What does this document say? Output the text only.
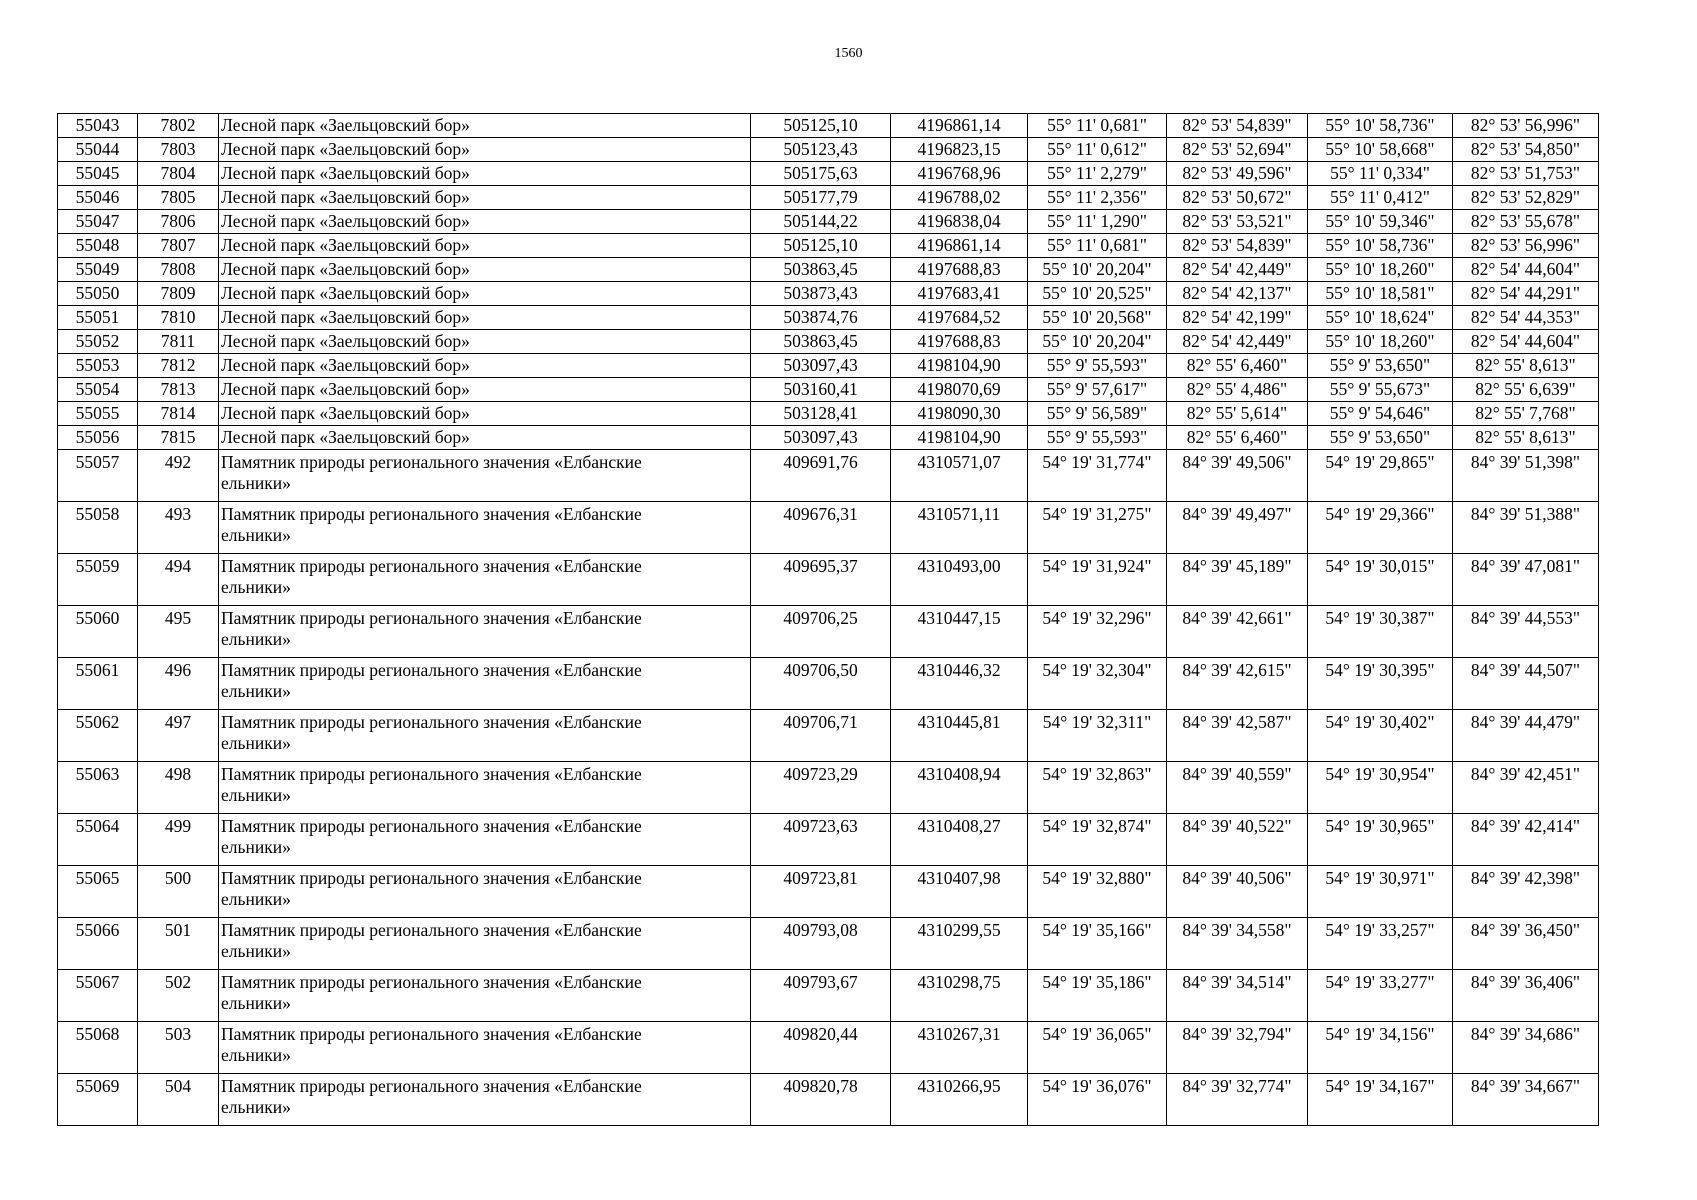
1560
55043	7802	Лесной парк «Заельцовский бор»	505125,10	4196861,14	55° 11' 0,681"	82° 53' 54,839"	55° 10' 58,736"	82° 53' 56,996"
55044	7803	Лесной парк «Заельцовский бор»	505123,43	4196823,15	55° 11' 0,612"	82° 53' 52,694"	55° 10' 58,668"	82° 53' 54,850"
55045	7804	Лесной парк «Заельцовский бор»	505175,63	4196768,96	55° 11' 2,279"	82° 53' 49,596"	55° 11' 0,334"	82° 53' 51,753"
55046	7805	Лесной парк «Заельцовский бор»	505177,79	4196788,02	55° 11' 2,356"	82° 53' 50,672"	55° 11' 0,412"	82° 53' 52,829"
55047	7806	Лесной парк «Заельцовский бор»	505144,22	4196838,04	55° 11' 1,290"	82° 53' 53,521"	55° 10' 59,346"	82° 53' 55,678"
55048	7807	Лесной парк «Заельцовский бор»	505125,10	4196861,14	55° 11' 0,681"	82° 53' 54,839"	55° 10' 58,736"	82° 53' 56,996"
55049	7808	Лесной парк «Заельцовский бор»	503863,45	4197688,83	55° 10' 20,204"	82° 54' 42,449"	55° 10' 18,260"	82° 54' 44,604"
55050	7809	Лесной парк «Заельцовский бор»	503873,43	4197683,41	55° 10' 20,525"	82° 54' 42,137"	55° 10' 18,581"	82° 54' 44,291"
55051	7810	Лесной парк «Заельцовский бор»	503874,76	4197684,52	55° 10' 20,568"	82° 54' 42,199"	55° 10' 18,624"	82° 54' 44,353"
55052	7811	Лесной парк «Заельцовский бор»	503863,45	4197688,83	55° 10' 20,204"	82° 54' 42,449"	55° 10' 18,260"	82° 54' 44,604"
55053	7812	Лесной парк «Заельцовский бор»	503097,43	4198104,90	55° 9' 55,593"	82° 55' 6,460"	55° 9' 53,650"	82° 55' 8,613"
55054	7813	Лесной парк «Заельцовский бор»	503160,41	4198070,69	55° 9' 57,617"	82° 55' 4,486"	55° 9' 55,673"	82° 55' 6,639"
55055	7814	Лесной парк «Заельцовский бор»	503128,41	4198090,30	55° 9' 56,589"	82° 55' 5,614"	55° 9' 54,646"	82° 55' 7,768"
55056	7815	Лесной парк «Заельцовский бор»	503097,43	4198104,90	55° 9' 55,593"	82° 55' 6,460"	55° 9' 53,650"	82° 55' 8,613"
55057	492	Памятник природы регионального значения «Елбанские ельники»	409691,76	4310571,07	54° 19' 31,774"	84° 39' 49,506"	54° 19' 29,865"	84° 39' 51,398"
55058	493	Памятник природы регионального значения «Елбанские ельники»	409676,31	4310571,11	54° 19' 31,275"	84° 39' 49,497"	54° 19' 29,366"	84° 39' 51,388"
55059	494	Памятник природы регионального значения «Елбанские ельники»	409695,37	4310493,00	54° 19' 31,924"	84° 39' 45,189"	54° 19' 30,015"	84° 39' 47,081"
55060	495	Памятник природы регионального значения «Елбанские ельники»	409706,25	4310447,15	54° 19' 32,296"	84° 39' 42,661"	54° 19' 30,387"	84° 39' 44,553"
55061	496	Памятник природы регионального значения «Елбанские ельники»	409706,50	4310446,32	54° 19' 32,304"	84° 39' 42,615"	54° 19' 30,395"	84° 39' 44,507"
55062	497	Памятник природы регионального значения «Елбанские ельники»	409706,71	4310445,81	54° 19' 32,311"	84° 39' 42,587"	54° 19' 30,402"	84° 39' 44,479"
55063	498	Памятник природы регионального значения «Елбанские ельники»	409723,29	4310408,94	54° 19' 32,863"	84° 39' 40,559"	54° 19' 30,954"	84° 39' 42,451"
55064	499	Памятник природы регионального значения «Елбанские ельники»	409723,63	4310408,27	54° 19' 32,874"	84° 39' 40,522"	54° 19' 30,965"	84° 39' 42,414"
55065	500	Памятник природы регионального значения «Елбанские ельники»	409723,81	4310407,98	54° 19' 32,880"	84° 39' 40,506"	54° 19' 30,971"	84° 39' 42,398"
55066	501	Памятник природы регионального значения «Елбанские ельники»	409793,08	4310299,55	54° 19' 35,166"	84° 39' 34,558"	54° 19' 33,257"	84° 39' 36,450"
55067	502	Памятник природы регионального значения «Елбанские ельники»	409793,67	4310298,75	54° 19' 35,186"	84° 39' 34,514"	54° 19' 33,277"	84° 39' 36,406"
55068	503	Памятник природы регионального значения «Елбанские ельники»	409820,44	4310267,31	54° 19' 36,065"	84° 39' 32,794"	54° 19' 34,156"	84° 39' 34,686"
55069	504	Памятник природы регионального значения «Елбанские ельники»	409820,78	4310266,95	54° 19' 36,076"	84° 39' 32,774"	54° 19' 34,167"	84° 39' 34,667"
